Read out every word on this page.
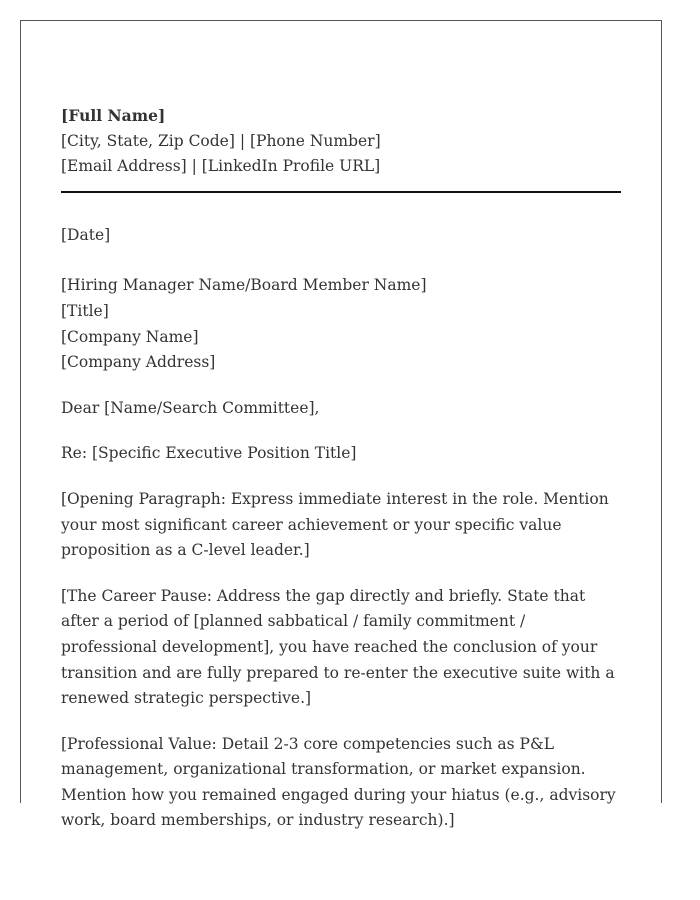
[Full Name]
[City, State, Zip Code] | [Phone Number]
[Email Address] | [LinkedIn Profile URL]
[Date]
[Hiring Manager Name/Board Member Name]
[Title]
[Company Name]
[Company Address]
Dear [Name/Search Committee],
Re: [Specific Executive Position Title]

[Opening Paragraph: Express immediate interest in the role. Mention your most significant career achievement or your specific value proposition as a C-level leader.]

[The Career Pause: Address the gap directly and briefly. State that after a period of [planned sabbatical / family commitment / professional development], you have reached the conclusion of your transition and are fully prepared to re-enter the executive suite with a renewed strategic perspective.]

[Professional Value: Detail 2-3 core competencies such as P&L management, organizational transformation, or market expansion. Mention how you remained engaged during your hiatus (e.g., advisory work, board memberships, or industry research).]
